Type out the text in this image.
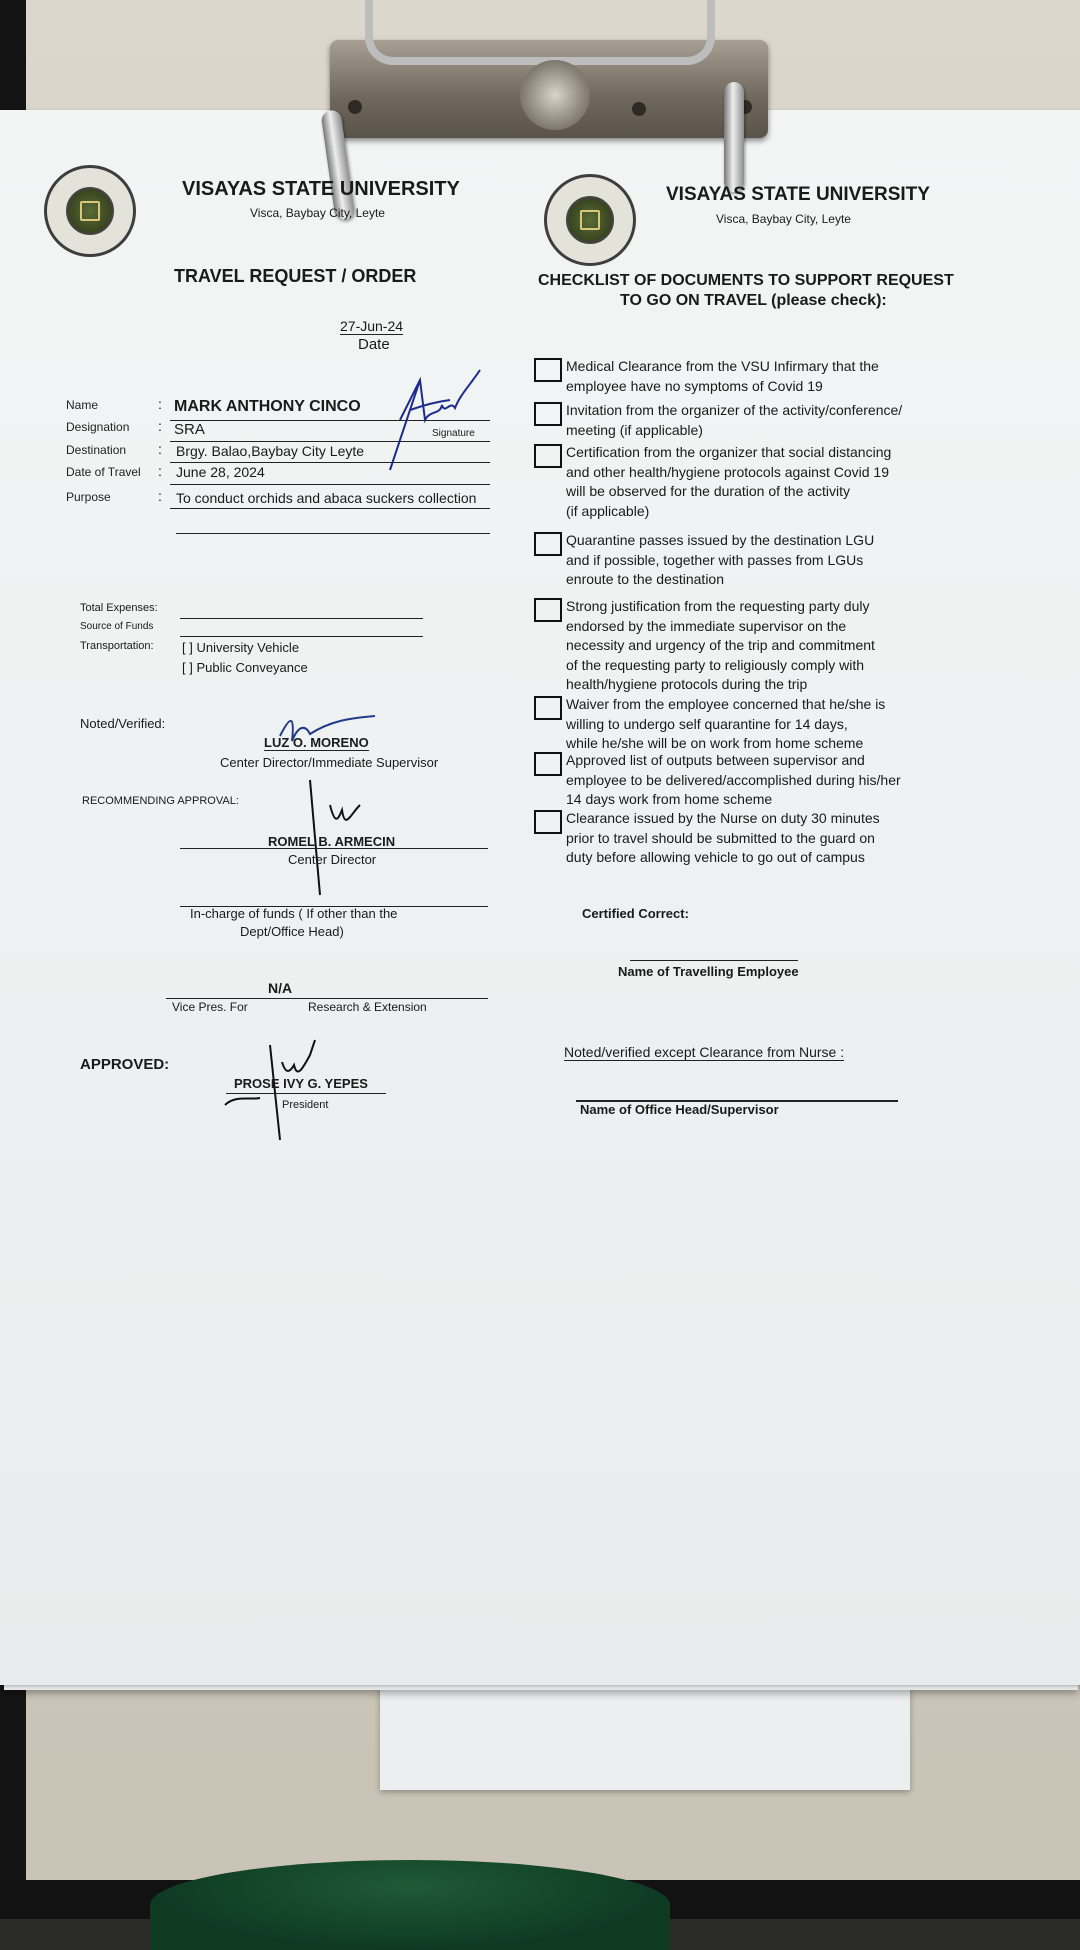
VISAYAS STATE UNIVERSITY
Visca, Baybay City, Leyte
TRAVEL REQUEST / ORDER
27-Jun-24
Date
Name
Designation
Destination
Date of Travel
Purpose
:
:
:
:
:
MARK ANTHONY CINCO
SRA
Brgy. Balao,Baybay City Leyte
June 28, 2024
To conduct orchids and abaca suckers collection
Signature
Total Expenses:
Source of Funds
Transportation: [ ] University Vehicle
[ ] Public Conveyance
Noted/Verified:
LUZ O. MORENO
Center Director/Immediate Supervisor
RECOMMENDING APPROVAL:
ROMEL B. ARMECIN
Center Director
In-charge of funds ( If other than the
Dept/Office Head)
N/A
Vice Pres. For	Research & Extension
APPROVED:
PROSE IVY G. YEPES
President
VISAYAS STATE UNIVERSITY
Visca, Baybay City, Leyte
CHECKLIST OF DOCUMENTS TO SUPPORT REQUEST
TO GO ON TRAVEL (please check):
Medical Clearance from the VSU Infirmary that the
employee have no symptoms of Covid 19
Invitation from the organizer of the activity/conference/
meeting (if applicable)
Certification from the organizer that social distancing
and other health/hygiene protocols against Covid 19
will be observed for the duration of the activity
(if applicable)
Quarantine passes issued by the destination LGU
and if possible, together with passes from LGUs
enroute to the destination
Strong justification from the requesting party duly
endorsed by the immediate supervisor on the
necessity and urgency of the trip and commitment
of the requesting party to religiously comply with
health/hygiene protocols during the trip
Waiver from the employee concerned that he/she is
willing to undergo self quarantine for 14 days,
while he/she will be on work from home scheme
Approved list of outputs between supervisor and
employee to be delivered/accomplished during his/her
14 days work from home scheme
Clearance issued by the Nurse on duty 30 minutes
prior to travel should be submitted to the guard on
duty before allowing vehicle to go out of campus
Certified Correct:
Name of Travelling Employee
Noted/verified except Clearance from Nurse :
Name of Office Head/Supervisor
